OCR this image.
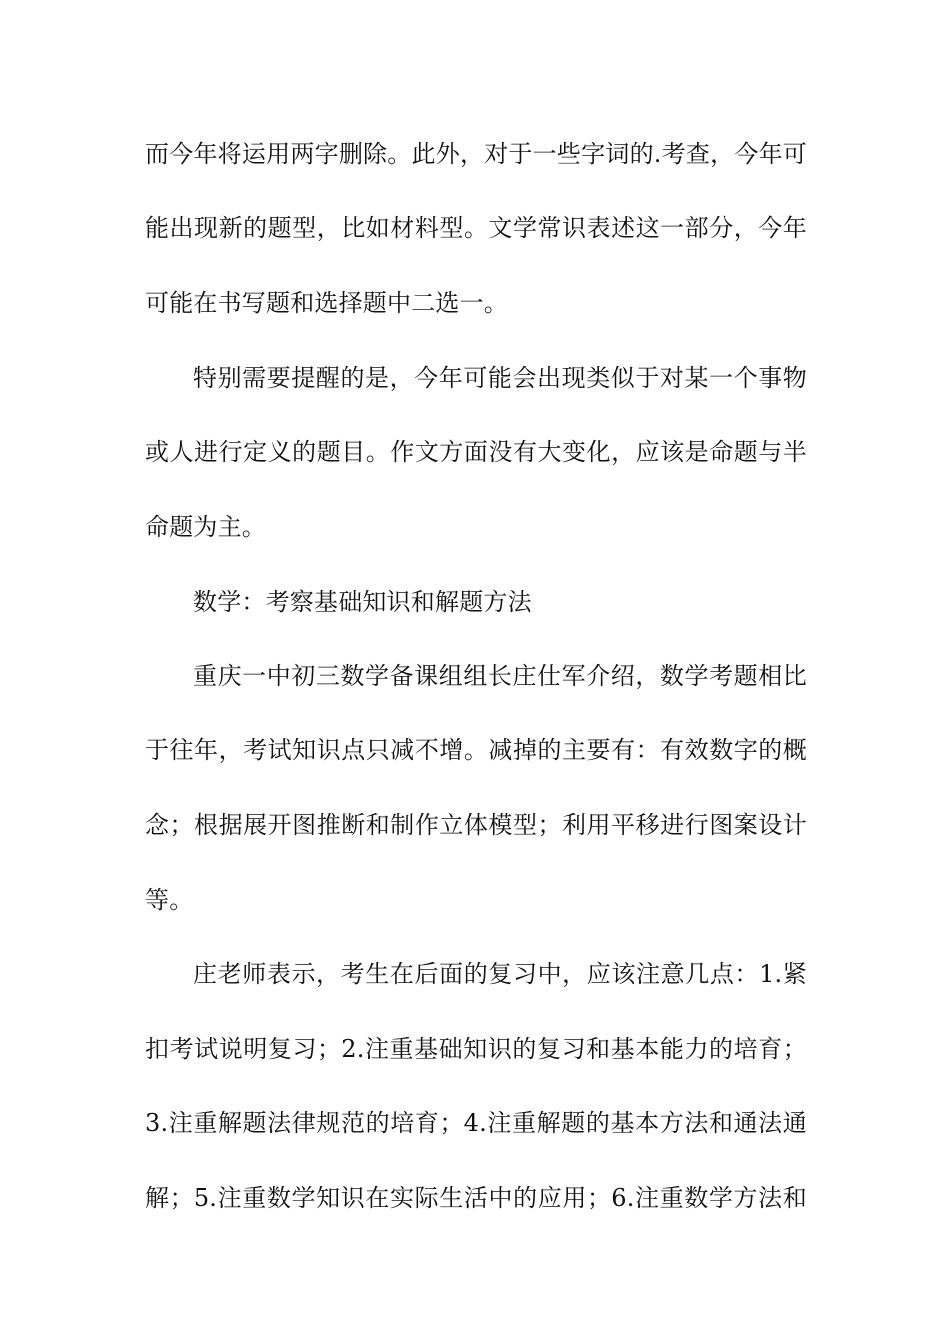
而今年将运用两字删除。此外，对于一些字词的.考查，今年可
能出现新的题型，比如材料型。文学常识表述这一部分，今年
可能在书写题和选择题中二选一。
特别需要提醒的是，今年可能会出现类似于对某一个事物
或人进行定义的题目。作文方面没有大变化，应该是命题与半
命题为主。
数学：考察基础知识和解题方法
重庆一中初三数学备课组组长庄仕军介绍，数学考题相比
于往年，考试知识点只减不增。减掉的主要有：有效数字的概
念；根据展开图推断和制作立体模型；利用平移进行图案设计
等。
庄老师表示，考生在后面的复习中，应该注意几点：1.紧
扣考试说明复习；2.注重基础知识的复习和基本能力的培育；
3.注重解题法律规范的培育；4.注重解题的基本方法和通法通
解；5.注重数学知识在实际生活中的应用；6.注重数学方法和
